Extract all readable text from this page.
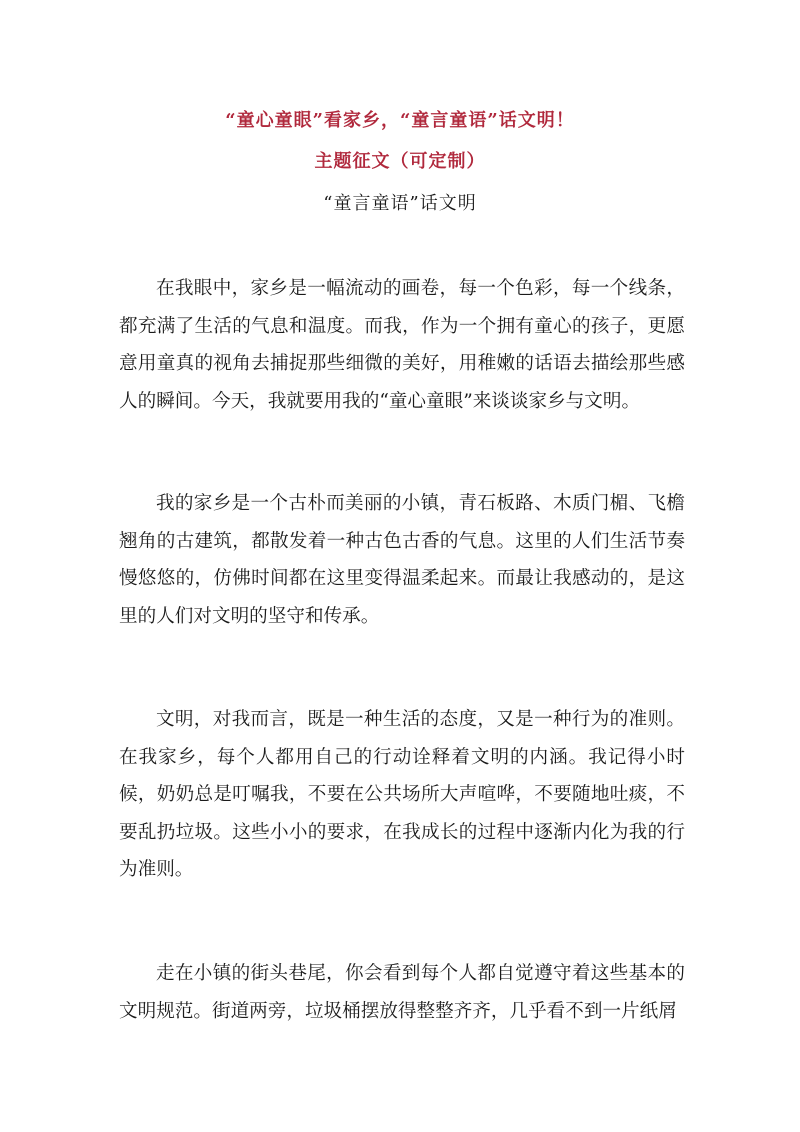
“童心童眼”看家乡，“童言童语”话文明！
主题征文（可定制）
“童言童语”话文明

在我眼中，家乡是一幅流动的画卷，每一个色彩，每一个线条，都充满了生活的气息和温度。而我，作为一个拥有童心的孩子，更愿意用童真的视角去捕捉那些细微的美好，用稚嫩的话语去描绘那些感人的瞬间。今天，我就要用我的“童心童眼”来谈谈家乡与文明。

我的家乡是一个古朴而美丽的小镇，青石板路、木质门楣、飞檐翘角的古建筑，都散发着一种古色古香的气息。这里的人们生活节奏慢悠悠的，仿佛时间都在这里变得温柔起来。而最让我感动的，是这里的人们对文明的坚守和传承。

文明，对我而言，既是一种生活的态度，又是一种行为的准则。在我家乡，每个人都用自己的行动诠释着文明的内涵。我记得小时候，奶奶总是叮嘱我，不要在公共场所大声喧哗，不要随地吐痰，不要乱扔垃圾。这些小小的要求，在我成长的过程中逐渐内化为我的行为准则。

走在小镇的街头巷尾，你会看到每个人都自觉遵守着这些基本的文明规范。街道两旁，垃圾桶摆放得整整齐齐，几乎看不到一片纸屑
